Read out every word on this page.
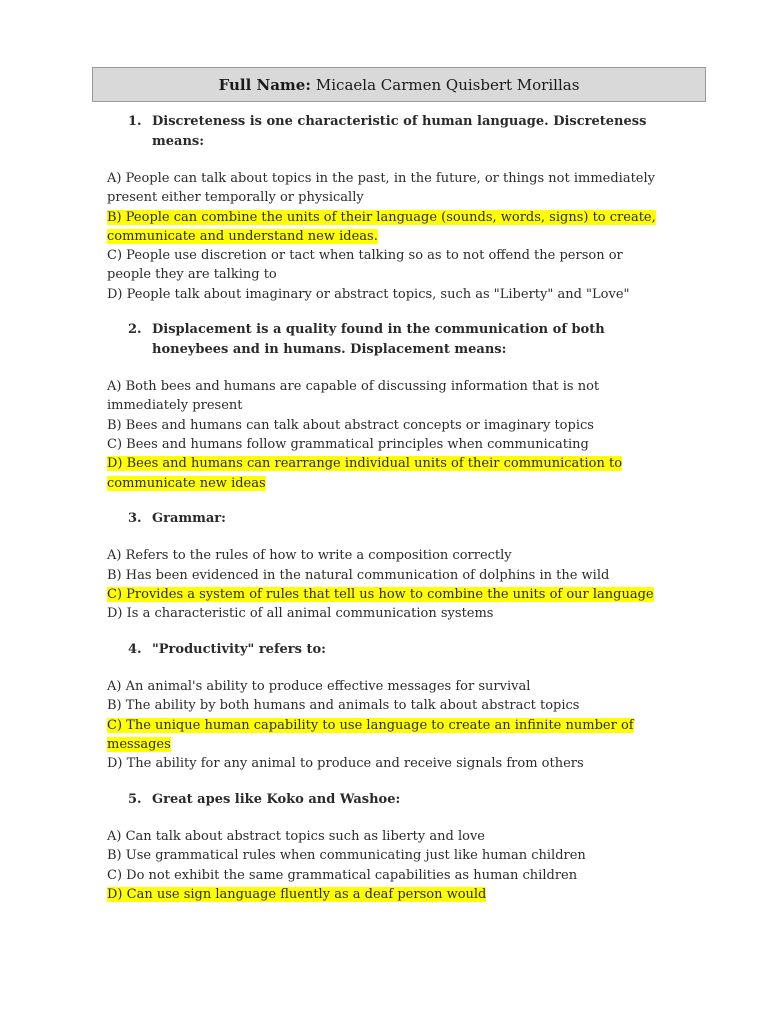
Full Name: Micaela Carmen Quisbert Morillas
1. Discreteness is one characteristic of human language. Discreteness means:
A) People can talk about topics in the past, in the future, or things not immediately present either temporally or physically
B) People can combine the units of their language (sounds, words, signs) to create, communicate and understand new ideas.
C) People use discretion or tact when talking so as to not offend the person or people they are talking to
D) People talk about imaginary or abstract topics, such as "Liberty" and "Love"
2. Displacement is a quality found in the communication of both honeybees and in humans. Displacement means:
A) Both bees and humans are capable of discussing information that is not immediately present
B) Bees and humans can talk about abstract concepts or imaginary topics
C) Bees and humans follow grammatical principles when communicating
D) Bees and humans can rearrange individual units of their communication to communicate new ideas
3. Grammar:
A) Refers to the rules of how to write a composition correctly
B) Has been evidenced in the natural communication of dolphins in the wild
C) Provides a system of rules that tell us how to combine the units of our language
D) Is a characteristic of all animal communication systems
4. "Productivity" refers to:
A) An animal's ability to produce effective messages for survival
B) The ability by both humans and animals to talk about abstract topics
C) The unique human capability to use language to create an infinite number of messages
D) The ability for any animal to produce and receive signals from others
5. Great apes like Koko and Washoe:
A) Can talk about abstract topics such as liberty and love
B) Use grammatical rules when communicating just like human children
C) Do not exhibit the same grammatical capabilities as human children
D) Can use sign language fluently as a deaf person would
